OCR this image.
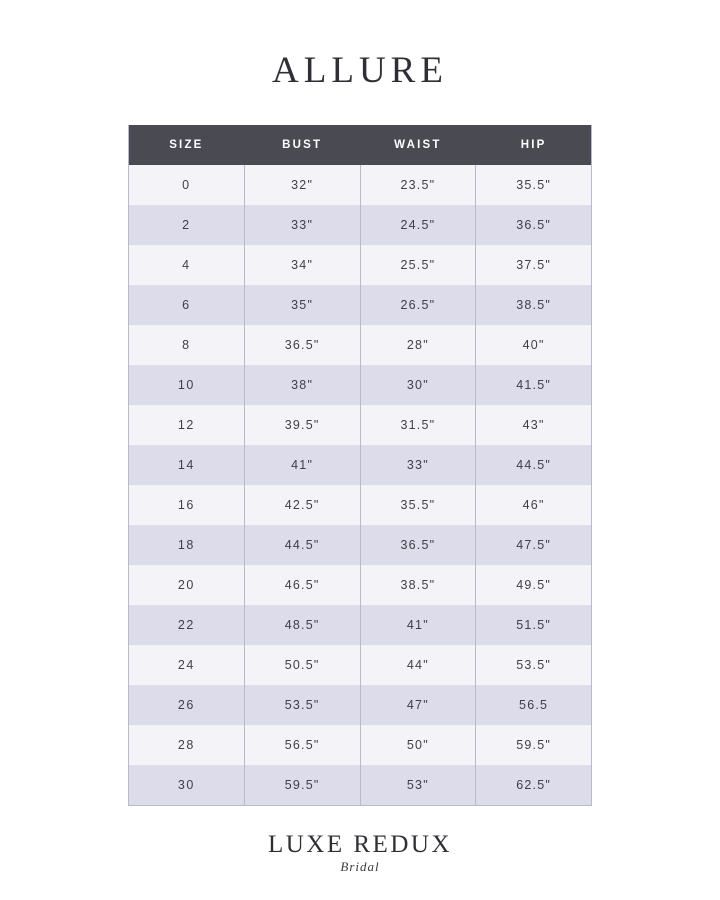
ALLURE
SIZE	BUST	WAIST	HIP
0	32"	23.5"	35.5"
2	33"	24.5"	36.5"
4	34"	25.5"	37.5"
6	35"	26.5"	38.5"
8	36.5"	28"	40"
10	38"	30"	41.5"
12	39.5"	31.5"	43"
14	41"	33"	44.5"
16	42.5"	35.5"	46"
18	44.5"	36.5"	47.5"
20	46.5"	38.5"	49.5"
22	48.5"	41"	51.5"
24	50.5"	44"	53.5"
26	53.5"	47"	56.5
28	56.5"	50"	59.5"
30	59.5"	53"	62.5"
LUXE REDUX
Bridal
